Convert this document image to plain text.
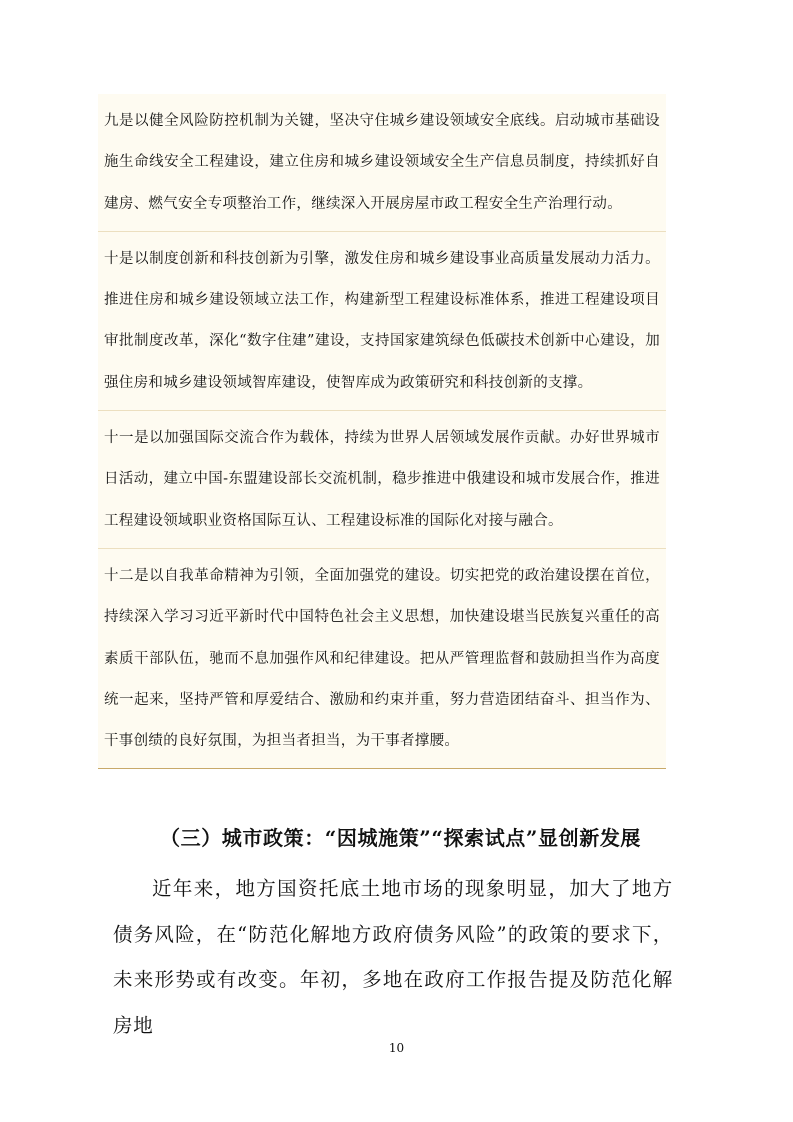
九是以健全风险防控机制为关键，坚决守住城乡建设领域安全底线。启动城市基础设施生命线安全工程建设，建立住房和城乡建设领域安全生产信息员制度，持续抓好自建房、燃气安全专项整治工作，继续深入开展房屋市政工程安全生产治理行动。
十是以制度创新和科技创新为引擎，激发住房和城乡建设事业高质量发展动力活力。推进住房和城乡建设领域立法工作，构建新型工程建设标准体系，推进工程建设项目审批制度改革，深化“数字住建”建设，支持国家建筑绿色低碳技术创新中心建设，加强住房和城乡建设领域智库建设，使智库成为政策研究和科技创新的支撑。
十一是以加强国际交流合作为载体，持续为世界人居领域发展作贡献。办好世界城市日活动，建立中国-东盟建设部长交流机制，稳步推进中俄建设和城市发展合作，推进工程建设领域职业资格国际互认、工程建设标准的国际化对接与融合。
十二是以自我革命精神为引领，全面加强党的建设。切实把党的政治建设摆在首位，持续深入学习习近平新时代中国特色社会主义思想，加快建设堪当民族复兴重任的高素质干部队伍，驰而不息加强作风和纪律建设。把从严管理监督和鼓励担当作为高度统一起来，坚持严管和厚爱结合、激励和约束并重，努力营造团结奋斗、担当作为、干事创绩的良好氛围，为担当者担当，为干事者撑腰。
（三）城市政策：“因城施策”“探索试点”显创新发展
近年来，地方国资托底土地市场的现象明显，加大了地方债务风险，在“防范化解地方政府债务风险”的政策的要求下，未来形势或有改变。年初，多地在政府工作报告提及防范化解房地
10
